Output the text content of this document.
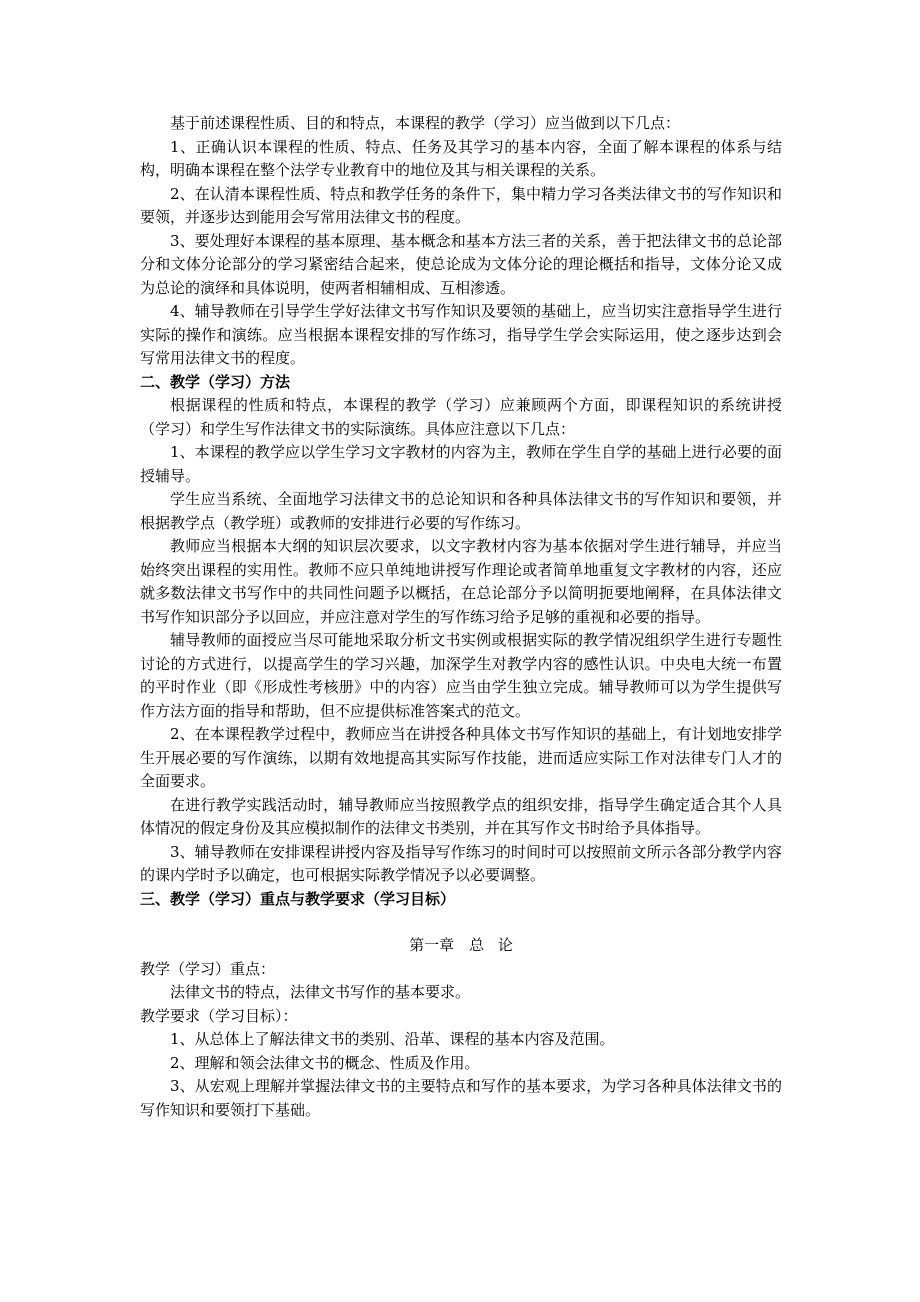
基于前述课程性质、目的和特点，本课程的教学（学习）应当做到以下几点：

1、正确认识本课程的性质、特点、任务及其学习的基本内容，全面了解本课程的体系与结构，明确本课程在整个法学专业教育中的地位及其与相关课程的关系。

2、在认清本课程性质、特点和教学任务的条件下，集中精力学习各类法律文书的写作知识和要领，并逐步达到能用会写常用法律文书的程度。

3、要处理好本课程的基本原理、基本概念和基本方法三者的关系，善于把法律文书的总论部分和文体分论部分的学习紧密结合起来，使总论成为文体分论的理论概括和指导，文体分论又成为总论的演绎和具体说明，使两者相辅相成、互相渗透。

4、辅导教师在引导学生学好法律文书写作知识及要领的基础上，应当切实注意指导学生进行实际的操作和演练。应当根据本课程安排的写作练习，指导学生学会实际运用，使之逐步达到会写常用法律文书的程度。

二、教学（学习）方法

根据课程的性质和特点，本课程的教学（学习）应兼顾两个方面，即课程知识的系统讲授（学习）和学生写作法律文书的实际演练。具体应注意以下几点：

1、本课程的教学应以学生学习文字教材的内容为主，教师在学生自学的基础上进行必要的面授辅导。

学生应当系统、全面地学习法律文书的总论知识和各种具体法律文书的写作知识和要领，并根据教学点（教学班）或教师的安排进行必要的写作练习。

教师应当根据本大纲的知识层次要求，以文字教材内容为基本依据对学生进行辅导，并应当始终突出课程的实用性。教师不应只单纯地讲授写作理论或者简单地重复文字教材的内容，还应就多数法律文书写作中的共同性问题予以概括，在总论部分予以简明扼要地阐释，在具体法律文书写作知识部分予以回应，并应注意对学生的写作练习给予足够的重视和必要的指导。

辅导教师的面授应当尽可能地采取分析文书实例或根据实际的教学情况组织学生进行专题性讨论的方式进行，以提高学生的学习兴趣，加深学生对教学内容的感性认识。中央电大统一布置的平时作业（即《形成性考核册》中的内容）应当由学生独立完成。辅导教师可以为学生提供写作方法方面的指导和帮助，但不应提供标准答案式的范文。

2、在本课程教学过程中，教师应当在讲授各种具体文书写作知识的基础上，有计划地安排学生开展必要的写作演练，以期有效地提高其实际写作技能，进而适应实际工作对法律专门人才的全面要求。

在进行教学实践活动时，辅导教师应当按照教学点的组织安排，指导学生确定适合其个人具体情况的假定身份及其应模拟制作的法律文书类别，并在其写作文书时给予具体指导。

3、辅导教师在安排课程讲授内容及指导写作练习的时间时可以按照前文所示各部分教学内容的课内学时予以确定，也可根据实际教学情况予以必要调整。

三、教学（学习）重点与教学要求（学习目标）

第一章　总 论

教学（学习）重点：

法律文书的特点，法律文书写作的基本要求。

教学要求（学习目标）：

1、从总体上了解法律文书的类别、沿革、课程的基本内容及范围。

2、理解和领会法律文书的概念、性质及作用。

3、从宏观上理解并掌握法律文书的主要特点和写作的基本要求，为学习各种具体法律文书的写作知识和要领打下基础。
